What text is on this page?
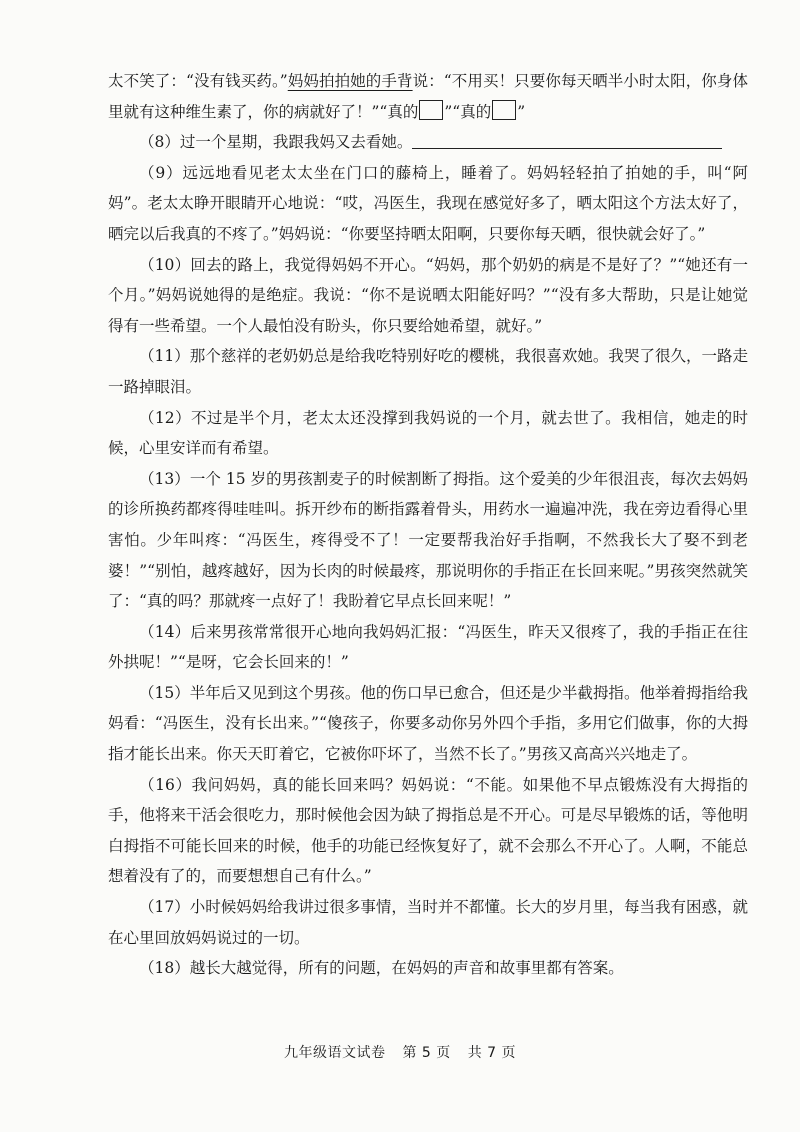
太不笑了：“没有钱买药。”妈妈拍拍她的手背说：“不用买！只要你每天晒半小时太阳，你身体里就有这种维生素了，你的病就好了！”“真的 ”“真的 ”

（8）过一个星期，我跟我妈又去看她。

（9）远远地看见老太太坐在门口的藤椅上，睡着了。妈妈轻轻拍了拍她的手，叫“阿妈”。老太太睁开眼睛开心地说：“哎，冯医生，我现在感觉好多了，晒太阳这个方法太好了，晒完以后我真的不疼了。”妈妈说：“你要坚持晒太阳啊，只要你每天晒，很快就会好了。”

（10）回去的路上，我觉得妈妈不开心。“妈妈，那个奶奶的病是不是好了？”“她还有一个月。”妈妈说她得的是绝症。我说：“你不是说晒太阳能好吗？”“没有多大帮助，只是让她觉得有一些希望。一个人最怕没有盼头，你只要给她希望，就好。”

（11）那个慈祥的老奶奶总是给我吃特别好吃的樱桃，我很喜欢她。我哭了很久，一路走一路掉眼泪。

（12）不过是半个月，老太太还没撑到我妈说的一个月，就去世了。我相信，她走的时候，心里安详而有希望。

（13）一个 15 岁的男孩割麦子的时候割断了拇指。这个爱美的少年很沮丧，每次去妈妈的诊所换药都疼得哇哇叫。拆开纱布的断指露着骨头，用药水一遍遍冲洗，我在旁边看得心里害怕。少年叫疼：“冯医生，疼得受不了！一定要帮我治好手指啊，不然我长大了娶不到老婆！”“别怕，越疼越好，因为长肉的时候最疼，那说明你的手指正在长回来呢。”男孩突然就笑了：“真的吗？那就疼一点好了！我盼着它早点长回来呢！”

（14）后来男孩常常很开心地向我妈妈汇报：“冯医生，昨天又很疼了，我的手指正在往外拱呢！”“是呀，它会长回来的！”

（15）半年后又见到这个男孩。他的伤口早已愈合，但还是少半截拇指。他举着拇指给我妈看：“冯医生，没有长出来。”“傻孩子，你要多动你另外四个手指，多用它们做事，你的大拇指才能长出来。你天天盯着它，它被你吓坏了，当然不长了。”男孩又高高兴兴地走了。

（16）我问妈妈，真的能长回来吗？妈妈说：“不能。如果他不早点锻炼没有大拇指的手，他将来干活会很吃力，那时候他会因为缺了拇指总是不开心。可是尽早锻炼的话，等他明白拇指不可能长回来的时候，他手的功能已经恢复好了，就不会那么不开心了。人啊，不能总想着没有了的，而要想想自己有什么。”

（17）小时候妈妈给我讲过很多事情，当时并不都懂。长大的岁月里，每当我有困惑，就在心里回放妈妈说过的一切。

（18）越长大越觉得，所有的问题，在妈妈的声音和故事里都有答案。

九年级语文试卷 第 5 页 共 7 页
